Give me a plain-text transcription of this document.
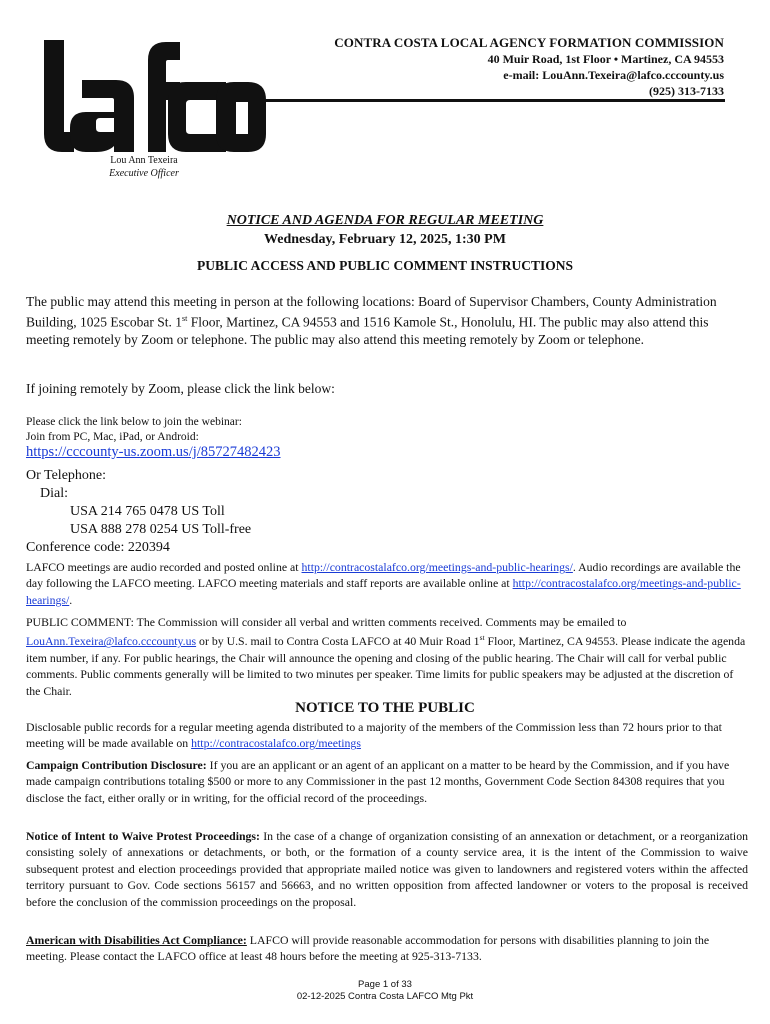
CONTRA COSTA LOCAL AGENCY FORMATION COMMISSION
40 Muir Road, 1st Floor • Martinez, CA 94553
e-mail: LouAnn.Texeira@lafco.cccounty.us
(925) 313-7133
Lou Ann Texeira
Executive Officer
NOTICE AND AGENDA FOR REGULAR MEETING
Wednesday, February 12, 2025, 1:30 PM
PUBLIC ACCESS AND PUBLIC COMMENT INSTRUCTIONS

The public may attend this meeting in person at the following locations: Board of Supervisor Chambers, County Administration Building, 1025 Escobar St. 1st Floor, Martinez, CA 94553 and 1516 Kamole St., Honolulu, HI. The public may also attend this meeting remotely by Zoom or telephone. The public may also attend this meeting remotely by Zoom or telephone.

If joining remotely by Zoom, please click the link below:

Please click the link below to join the webinar:
Join from PC, Mac, iPad, or Android:
https://cccounty-us.zoom.us/j/85727482423
Or Telephone:
Dial:
USA 214 765 0478 US Toll
USA 888 278 0254 US Toll-free
Conference code: 220394

LAFCO meetings are audio recorded and posted online at http://contracostalafco.org/meetings-and-public-hearings/. Audio recordings are available the day following the LAFCO meeting. LAFCO meeting materials and staff reports are available online at http://contracostalafco.org/meetings-and-public-hearings/.

PUBLIC COMMENT: The Commission will consider all verbal and written comments received. Comments may be emailed to LouAnn.Texeira@lafco.cccounty.us or by U.S. mail to Contra Costa LAFCO at 40 Muir Road 1st Floor, Martinez, CA 94553. Please indicate the agenda item number, if any. For public hearings, the Chair will announce the opening and closing of the public hearing. The Chair will call for verbal public comments. Public comments generally will be limited to two minutes per speaker. Time limits for public speakers may be adjusted at the discretion of the Chair.

NOTICE TO THE PUBLIC

Disclosable public records for a regular meeting agenda distributed to a majority of the members of the Commission less than 72 hours prior to that meeting will be made available on http://contracostalafco.org/meetings

Campaign Contribution Disclosure: If you are an applicant or an agent of an applicant on a matter to be heard by the Commission, and if you have made campaign contributions totaling $500 or more to any Commissioner in the past 12 months, Government Code Section 84308 requires that you disclose the fact, either orally or in writing, for the official record of the proceedings.

Notice of Intent to Waive Protest Proceedings: In the case of a change of organization consisting of an annexation or detachment, or a reorganization consisting solely of annexations or detachments, or both, or the formation of a county service area, it is the intent of the Commission to waive subsequent protest and election proceedings provided that appropriate mailed notice was given to landowners and registered voters within the affected territory pursuant to Gov. Code sections 56157 and 56663, and no written opposition from affected landowner or voters to the proposal is received before the conclusion of the commission proceedings on the proposal.

American with Disabilities Act Compliance: LAFCO will provide reasonable accommodation for persons with disabilities planning to join the meeting. Please contact the LAFCO office at least 48 hours before the meeting at 925-313-7133.

Page 1 of 33
02-12-2025 Contra Costa LAFCO Mtg Pkt
